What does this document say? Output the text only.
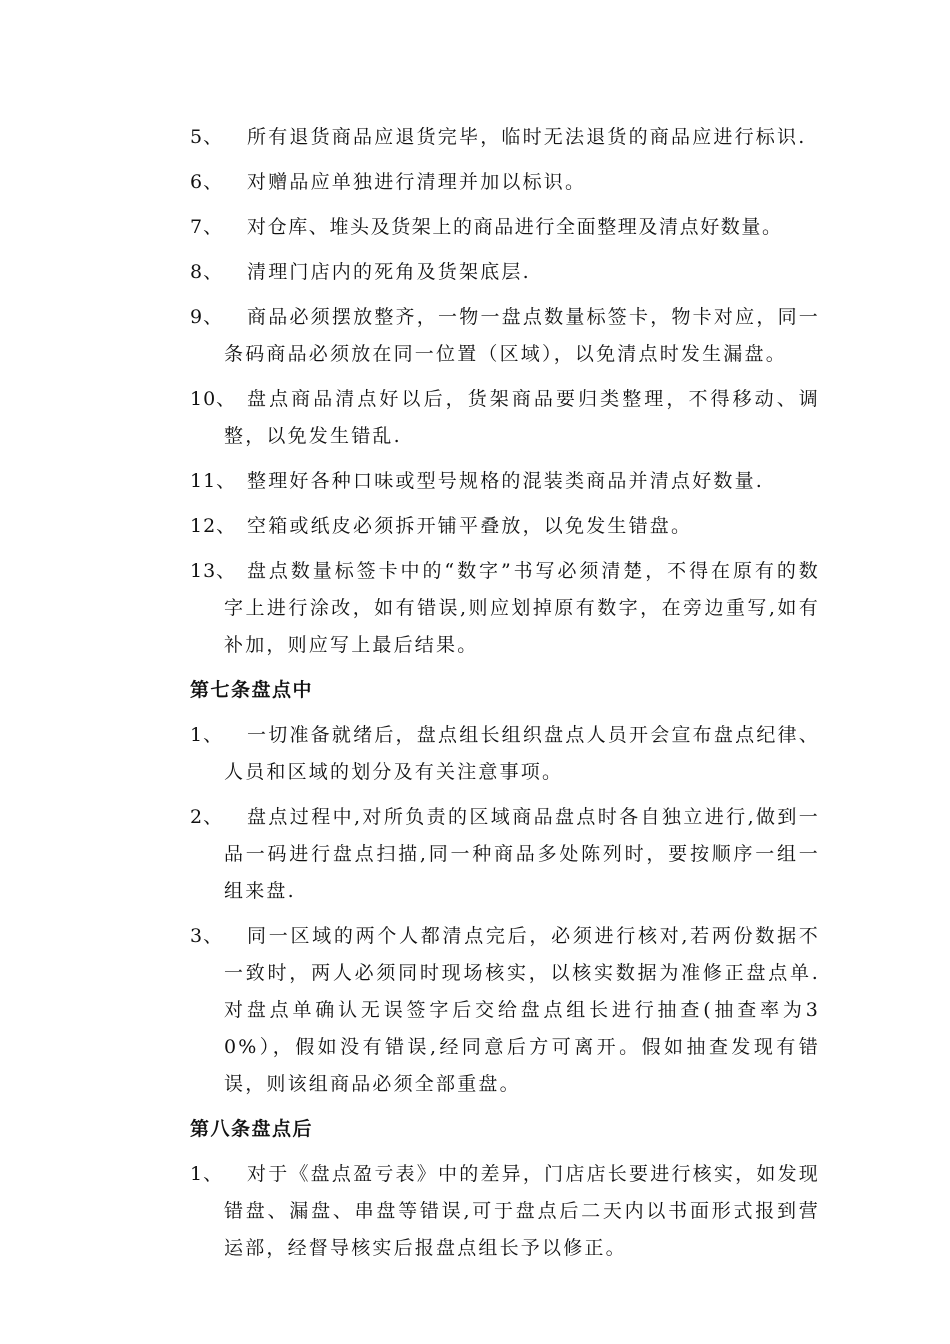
5、	所有退货商品应退货完毕，临时无法退货的商品应进行标识.
6、	对赠品应单独进行清理并加以标识。
7、	对仓库、堆头及货架上的商品进行全面整理及清点好数量。
8、	清理门店内的死角及货架底层.
9、	商品必须摆放整齐，一物一盘点数量标签卡，物卡对应，同一条码商品必须放在同一位置（区域），以免清点时发生漏盘。
10、 盘点商品清点好以后，货架商品要归类整理，不得移动、调整，以免发生错乱.
11、 整理好各种口味或型号规格的混装类商品并清点好数量.
12、 空箱或纸皮必须拆开铺平叠放，以免发生错盘。
13、 盘点数量标签卡中的“数字”书写必须清楚，不得在原有的数字上进行涂改，如有错误,则应划掉原有数字，在旁边重写,如有补加，则应写上最后结果。
第七条盘点中
1、	一切准备就绪后，盘点组长组织盘点人员开会宣布盘点纪律、人员和区域的划分及有关注意事项。
2、	盘点过程中,对所负责的区域商品盘点时各自独立进行,做到一品一码进行盘点扫描,同一种商品多处陈列时，要按顺序一组一组来盘.
3、	同一区域的两个人都清点完后，必须进行核对,若两份数据不一致时，两人必须同时现场核实，以核实数据为准修正盘点单.对盘点单确认无误签字后交给盘点组长进行抽查(抽查率为30%），假如没有错误,经同意后方可离开。假如抽查发现有错误，则该组商品必须全部重盘。
第八条盘点后
1、	对于《盘点盈亏表》中的差异，门店店长要进行核实，如发现错盘、漏盘、串盘等错误,可于盘点后二天内以书面形式报到营运部，经督导核实后报盘点组长予以修正。
